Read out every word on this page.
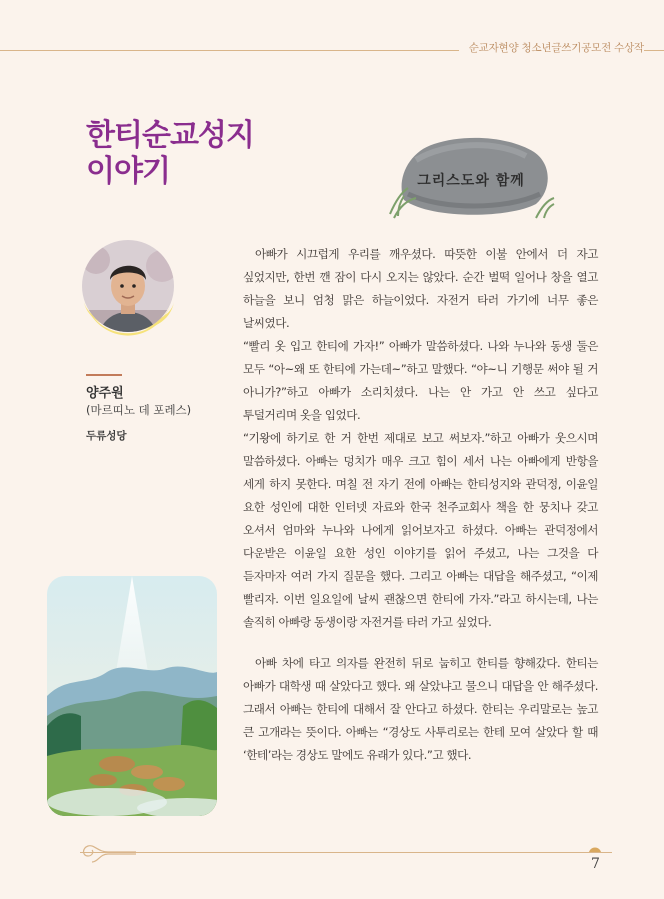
순교자현양 청소년글쓰기공모전 수상작
한티순교성지
이야기	그리스도와 함께
양주원
(마르띠노 데 포레스)
두류성당

아빠가 시끄럽게 우리를 깨우셨다. 따뜻한 이불 안에서 더 자고 싶었지만, 한번 깬 잠이 다시 오지는 않았다. 순간 벌떡 일어나 창을 열고 하늘을 보니 엄청 맑은 하늘이었다. 자전거 타러 가기에 너무 좋은 날씨였다.

“빨리 옷 입고 한티에 가자!” 아빠가 말씀하셨다. 나와 누나와 동생 둘은 모두 “아~왜 또 한티에 가는데~”하고 말했다. “야~니 기행문 써야 될 거 아니가?”하고 아빠가 소리치셨다. 나는 안 가고 안 쓰고 싶다고 투덜거리며 옷을 입었다.

“기왕에 하기로 한 거 한번 제대로 보고 써보자.”하고 아빠가 웃으시며 말씀하셨다. 아빠는 덩치가 매우 크고 힘이 세서 나는 아빠에게 반항을 세게 하지 못한다. 며칠 전 자기 전에 아빠는 한티성지와 관덕정, 이윤일 요한 성인에 대한 인터넷 자료와 한국 천주교회사 책을 한 뭉치나 갖고 오셔서 엄마와 누나와 나에게 읽어보자고 하셨다. 아빠는 관덕정에서 다운받은 이윤일 요한 성인 이야기를 읽어 주셨고, 나는 그것을 다 듣자마자 여러 가지 질문을 했다. 그리고 아빠는 대답을 해주셨고, “이제 빨리자. 이번 일요일에 날씨 괜찮으면 한티에 가자.”라고 하시는데, 나는 솔직히 아빠랑 동생이랑 자전거를 타러 가고 싶었다.

아빠 차에 타고 의자를 완전히 뒤로 눕히고 한티를 향해갔다. 한티는 아빠가 대학생 때 살았다고 했다. 왜 살았냐고 물으니 대답을 안 해주셨다. 그래서 아빠는 한티에 대해서 잘 안다고 하셨다. 한티는 우리말로는 높고 큰 고개라는 뜻이다. 아빠는 “경상도 사투리로는 한테 모여 살았다 할 때 ‘한테’라는 경상도 말에도 유래가 있다.”고 했다.

7
